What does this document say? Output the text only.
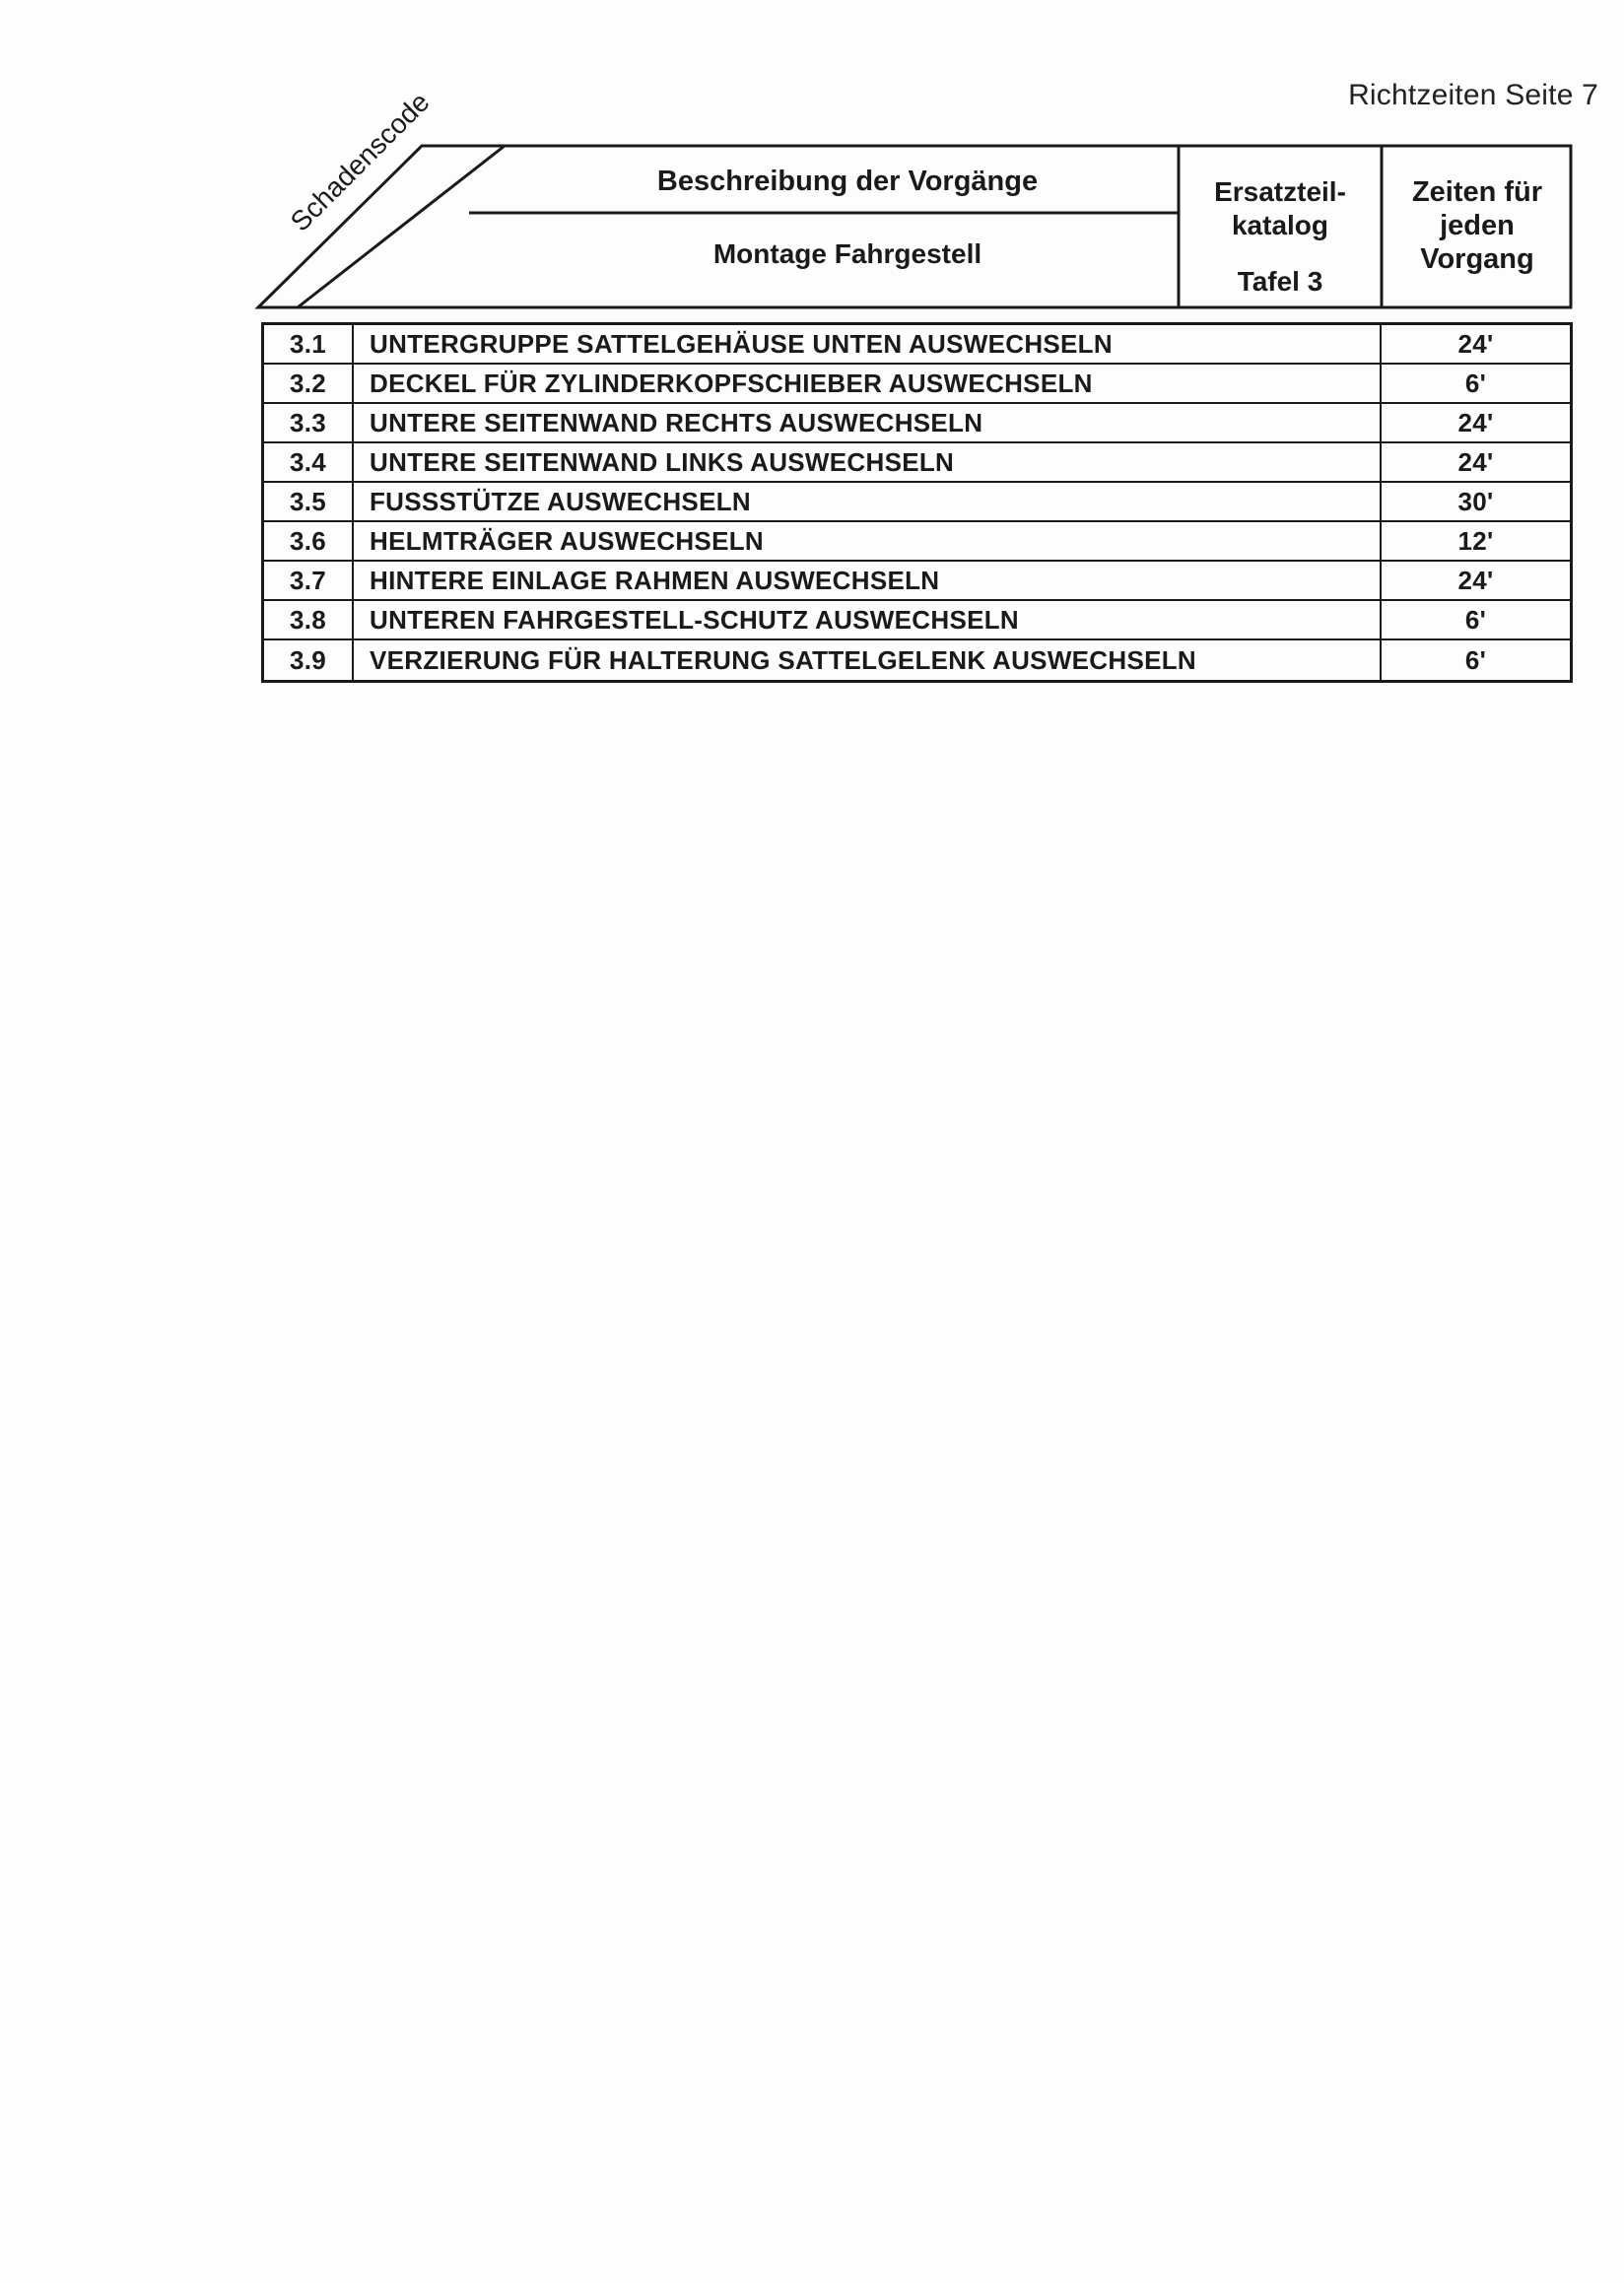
Richtzeiten Seite 7
Schadenscode	Beschreibung der Vorgänge
Montage Fahrgestell
Ersatzteil-
katalog
Tafel 3
Zeiten für
jeden
Vorgang
3.1	UNTERGRUPPE SATTELGEHÄUSE UNTEN AUSWECHSELN	24'
3.2	DECKEL FÜR ZYLINDERKOPFSCHIEBER AUSWECHSELN	6'
3.3	UNTERE SEITENWAND RECHTS AUSWECHSELN	24'
3.4	UNTERE SEITENWAND LINKS AUSWECHSELN	24'
3.5	FUSSSTÜTZE AUSWECHSELN	30'
3.6	HELMTRÄGER AUSWECHSELN	12'
3.7	HINTERE EINLAGE RAHMEN AUSWECHSELN	24'
3.8	UNTEREN FAHRGESTELL-SCHUTZ AUSWECHSELN	6'
3.9	VERZIERUNG FÜR HALTERUNG SATTELGELENK AUSWECHSELN	6'
